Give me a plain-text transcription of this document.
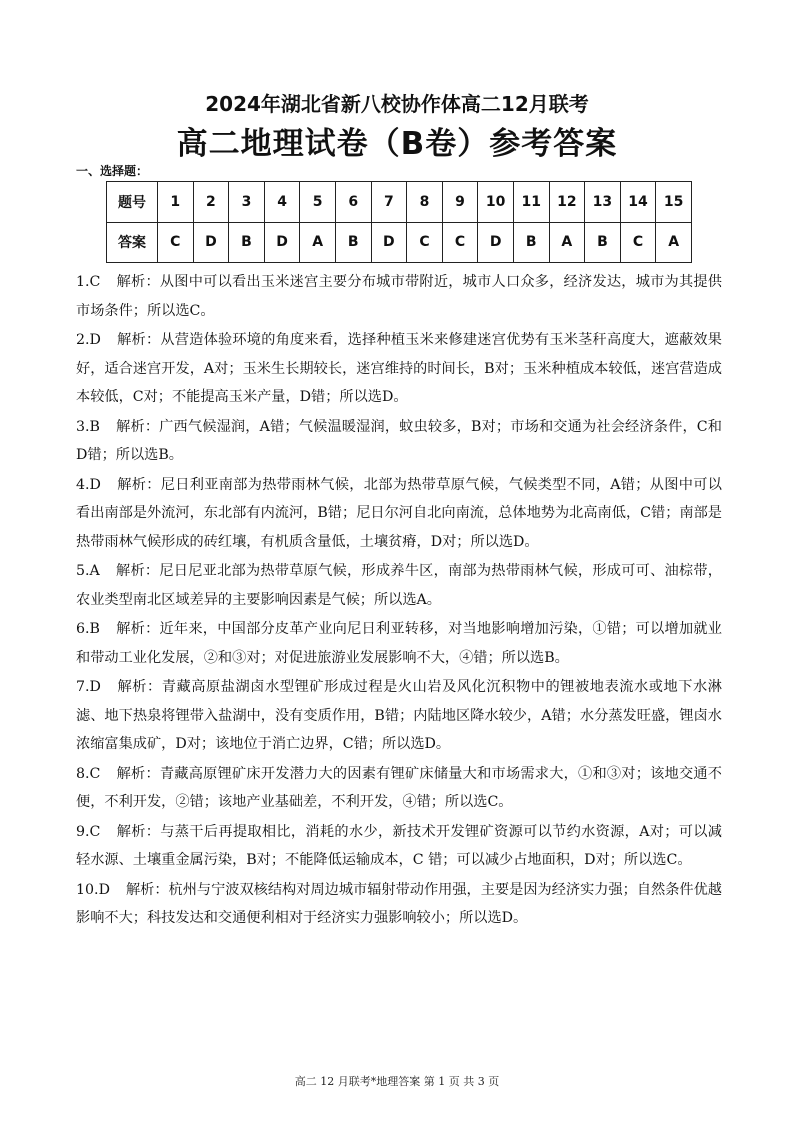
2024年湖北省新八校协作体高二12月联考
高二地理试卷（B卷）参考答案
一、选择题：
题号	1	2	3	4	5	6	7	8	9	10	11	12	13	14	15
答案	C	D	B	D	A	B	D	C	C	D	B	A	B	C	A

1.C 解析：从图中可以看出玉米迷宫主要分布城市带附近，城市人口众多，经济发达，城市为其提供市场条件；所以选C。

2.D 解析：从营造体验环境的角度来看，选择种植玉米来修建迷宫优势有玉米茎秆高度大，遮蔽效果好，适合迷宫开发，A对；玉米生长期较长，迷宫维持的时间长，B对；玉米种植成本较低，迷宫营造成本较低，C对；不能提高玉米产量，D错；所以选D。

3.B 解析：广西气候湿润，A错；气候温暖湿润，蚊虫较多，B对；市场和交通为社会经济条件，C和D错；所以选B。

4.D 解析：尼日利亚南部为热带雨林气候，北部为热带草原气候，气候类型不同，A错；从图中可以看出南部是外流河，东北部有内流河，B错；尼日尔河自北向南流，总体地势为北高南低，C错；南部是热带雨林气候形成的砖红壤，有机质含量低，土壤贫瘠，D对；所以选D。

5.A 解析：尼日尼亚北部为热带草原气候，形成养牛区，南部为热带雨林气候，形成可可、油棕带，农业类型南北区域差异的主要影响因素是气候；所以选A。

6.B 解析：近年来，中国部分皮革产业向尼日利亚转移，对当地影响增加污染，①错；可以增加就业和带动工业化发展，②和③对；对促进旅游业发展影响不大，④错；所以选B。

7.D 解析：青藏高原盐湖卤水型锂矿形成过程是火山岩及风化沉积物中的锂被地表流水或地下水淋滤、地下热泉将锂带入盐湖中，没有变质作用，B错；内陆地区降水较少，A错；水分蒸发旺盛，锂卤水浓缩富集成矿，D对；该地位于消亡边界，C错；所以选D。

8.C 解析：青藏高原锂矿床开发潜力大的因素有锂矿床储量大和市场需求大，①和③对；该地交通不便，不利开发，②错；该地产业基础差，不利开发，④错；所以选C。

9.C 解析：与蒸干后再提取相比，消耗的水少，新技术开发锂矿资源可以节约水资源，A对；可以减轻水源、土壤重金属污染，B对；不能降低运输成本，C 错；可以减少占地面积，D对；所以选C。

10.D 解析：杭州与宁波双核结构对周边城市辐射带动作用强，主要是因为经济实力强；自然条件优越影响不大；科技发达和交通便利相对于经济实力强影响较小；所以选D。

高二 12 月联考*地理答案 第 1 页 共 3 页
